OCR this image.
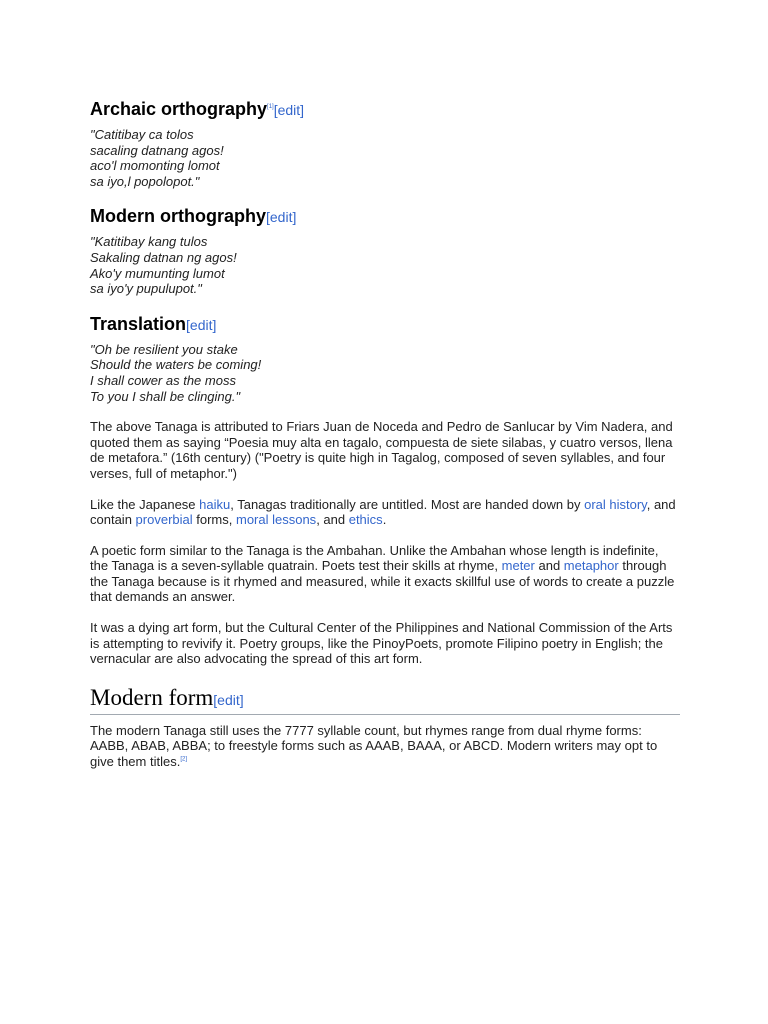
Archaic orthography[1][edit]
"Catitibay ca tolos
sacaling datnang agos!
aco'l momonting lomot
sa iyo,l popolopot."
Modern orthography[edit]
"Katitibay kang tulos
Sakaling datnan ng agos!
Ako'y mumunting lumot
sa iyo'y pupulupot."
Translation[edit]
"Oh be resilient you stake
Should the waters be coming!
I shall cower as the moss
To you I shall be clinging."

The above Tanaga is attributed to Friars Juan de Noceda and Pedro de Sanlucar by Vim Nadera, and quoted them as saying “Poesia muy alta en tagalo, compuesta de siete silabas, y cuatro versos, llena de metafora.” (16th century) ("Poetry is quite high in Tagalog, composed of seven syllables, and four verses, full of metaphor.")

Like the Japanese haiku, Tanagas traditionally are untitled. Most are handed down by oral history, and contain proverbial forms, moral lessons, and ethics.

A poetic form similar to the Tanaga is the Ambahan. Unlike the Ambahan whose length is indefinite, the Tanaga is a seven-syllable quatrain. Poets test their skills at rhyme, meter and metaphor through the Tanaga because is it rhymed and measured, while it exacts skillful use of words to create a puzzle that demands an answer.

It was a dying art form, but the Cultural Center of the Philippines and National Commission of the Arts is attempting to revivify it. Poetry groups, like the PinoyPoets, promote Filipino poetry in English; the vernacular are also advocating the spread of this art form.

Modern form[edit]

The modern Tanaga still uses the 7777 syllable count, but rhymes range from dual rhyme forms: AABB, ABAB, ABBA; to freestyle forms such as AAAB, BAAA, or ABCD. Modern writers may opt to give them titles.[2]
